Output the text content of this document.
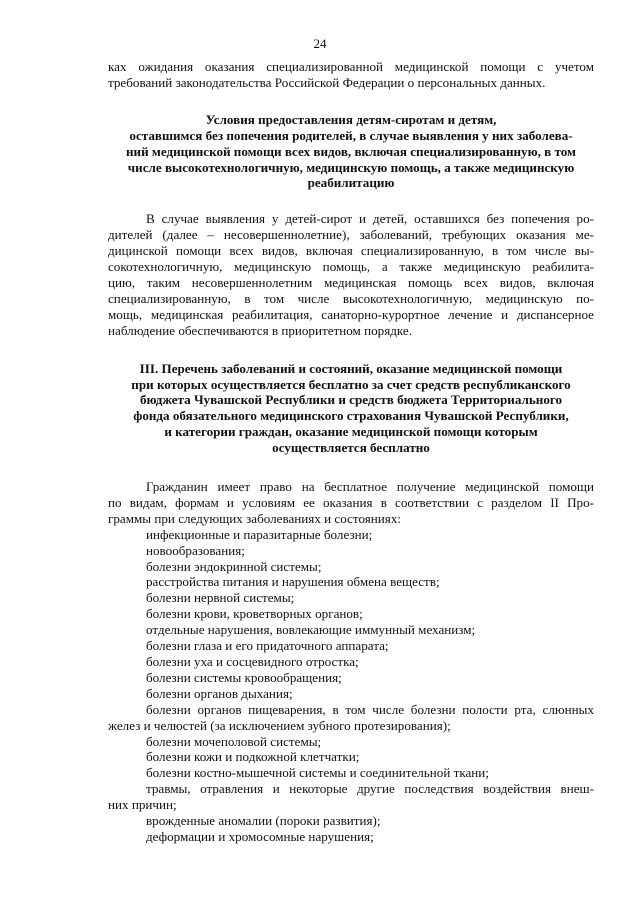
24

ках ожидания оказания специализированной медицинской помощи с учетом

требований законодательства Российской Федерации о персональных данных.

Условия предоставления детям-сиротам и детям,

оставшимся без попечения родителей, в случае выявления у них заболева-

ний медицинской помощи всех видов, включая специализированную, в том

числе высокотехнологичную, медицинскую помощь, а также медицинскую

реабилитацию

В случае выявления у детей-сирот и детей, оставшихся без попечения ро-

дителей (далее – несовершеннолетние), заболеваний, требующих оказания ме-

дицинской помощи всех видов, включая специализированную, в том числе вы-

сокотехнологичную, медицинскую помощь, а также медицинскую реабилита-

цию, таким несовершеннолетним медицинская помощь всех видов, включая

специализированную, в том числе высокотехнологичную, медицинскую по-

мощь, медицинская реабилитация, санаторно-курортное лечение и диспансерное

наблюдение обеспечиваются в приоритетном порядке.

III. Перечень заболеваний и состояний, оказание медицинской помощи

при которых осуществляется бесплатно за счет средств республиканского

бюджета Чувашской Республики и средств бюджета Территориального

фонда обязательного медицинского страхования Чувашской Республики,

и категории граждан, оказание медицинской помощи которым

осуществляется бесплатно

Гражданин имеет право на бесплатное получение медицинской помощи

по видам, формам и условиям ее оказания в соответствии с разделом II Про-

граммы при следующих заболеваниях и состояниях:

инфекционные и паразитарные болезни;

новообразования;

болезни эндокринной системы;

расстройства питания и нарушения обмена веществ;

болезни нервной системы;

болезни крови, кроветворных органов;

отдельные нарушения, вовлекающие иммунный механизм;

болезни глаза и его придаточного аппарата;

болезни уха и сосцевидного отростка;

болезни системы кровообращения;

болезни органов дыхания;

болезни органов пищеварения, в том числе болезни полости рта, слюнных

желез и челюстей (за исключением зубного протезирования);

болезни мочеполовой системы;

болезни кожи и подкожной клетчатки;

болезни костно-мышечной системы и соединительной ткани;

травмы, отравления и некоторые другие последствия воздействия внеш-

них причин;

врожденные аномалии (пороки развития);

деформации и хромосомные нарушения;
